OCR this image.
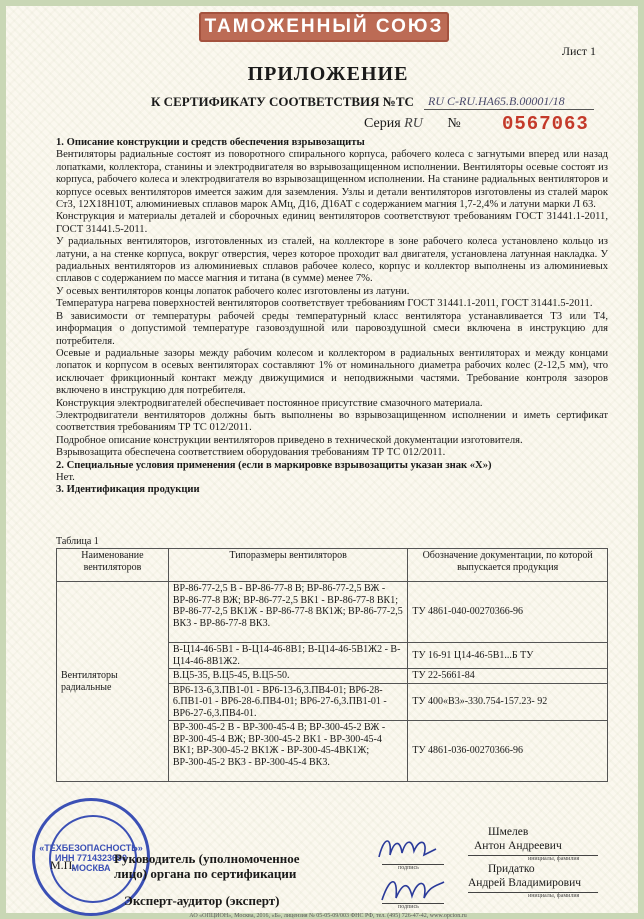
ТАМОЖЕННЫЙ СОЮЗ
Лист 1
ПРИЛОЖЕНИЕ
К СЕРТИФИКАТУ СООТВЕТСТВИЯ №ТС RU C-RU.HA65.B.00001/18
Серия RU № 0567063

1. Описание конструкции и средств обеспечения взрывозащиты

Вентиляторы радиальные состоят из поворотного спирального корпуса, рабочего колеса с загнутыми вперед или назад лопатками, коллектора, станины и электродвигателя во взрывозащищенном исполнении. Вентиляторы осевые состоят из корпуса, рабочего колеса и электродвигателя во взрывозащищенном исполнении. На станине радиальных вентиляторов и корпусе осевых вентиляторов имеется зажим для заземления. Узлы и детали вентиляторов изготовлены из сталей марок Ст3, 12Х18Н10Т, алюминиевых сплавов марок АМц, Д16, Д16АТ с содержанием магния 1,7-2,4% и латуни марки Л 63.

Конструкция и материалы деталей и сборочных единиц вентиляторов соответствуют требованиям ГОСТ 31441.1-2011, ГОСТ 31441.5-2011.

У радиальных вентиляторов, изготовленных из сталей, на коллекторе в зоне рабочего колеса установлено кольцо из латуни, а на стенке корпуса, вокруг отверстия, через которое проходит вал двигателя, установлена латунная накладка. У радиальных вентиляторов из алюминиевых сплавов рабочее колесо, корпус и коллектор выполнены из алюминиевых сплавов с содержанием по массе магния и титана (в сумме) менее 7%.

У осевых вентиляторов концы лопаток рабочего колес изготовлены из латуни.

Температура нагрева поверхностей вентиляторов соответствует требованиям ГОСТ 31441.1-2011, ГОСТ 31441.5-2011.

В зависимости от температуры рабочей среды температурный класс вентилятора устанавливается Т3 или Т4, информация о допустимой температуре газовоздушной или паровоздушной смеси включена в инструкцию для потребителя.

Осевые и радиальные зазоры между рабочим колесом и коллектором в радиальных вентиляторах и между концами лопаток и корпусом в осевых вентиляторах составляют 1% от номинального диаметра рабочих колес (2-12,5 мм), что исключает фрикционный контакт между движущимися и неподвижными частями. Требование контроля зазоров включено в инструкцию для потребителя.

Конструкция электродвигателей обеспечивает постоянное присутствие смазочного материала.

Электродвигатели вентиляторов должны быть выполнены во взрывозащищенном исполнении и иметь сертификат соответствия требованиям ТР ТС 012/2011.

Подробное описание конструкции вентиляторов приведено в технической документации изготовителя.

Взрывозащита обеспечена соответствием оборудования требованиям ТР ТС 012/2011.

2. Специальные условия применения (если в маркировке взрывозащиты указан знак «Х»)

Нет.

3. Идентификация продукции

Таблица 1
Наименование вентиляторов	Типоразмеры вентиляторов	Обозначение документации, по которой выпускается продукция
Вентиляторы радиальные	ВР-86-77-2,5 В - ВР-86-77-8 В; ВР-86-77-2,5 ВЖ - ВР-86-77-8 ВЖ; ВР-86-77-2,5 ВК1 - ВР-86-77-8 ВК1; ВР-86-77-2,5 ВК1Ж - ВР-86-77-8 ВК1Ж; ВР-86-77-2,5 ВК3 - ВР-86-77-8 ВК3.	ТУ 4861-040-00270366-96
	В-Ц14-46-5В1 - В-Ц14-46-8В1; В-Ц14-46-5В1Ж2 - В-Ц14-46-8В1Ж2.	ТУ 16-91 Ц14-46-5В1...Б ТУ
	В.Ц5-35, В.Ц5-45, В.Ц5-50.	ТУ 22-5661-84
	ВР6-13-6,3.ПВ1-01 - ВР6-13-6,3.ПВ4-01; ВР6-28-6.ПВ1-01 - ВР6-28-6.ПВ4-01; ВР6-27-6,3.ПВ1-01 - ВР6-27-6,3.ПВ4-01.	ТУ 400«В3»-330.754-157.23- 92
	ВР-300-45-2 В - ВР-300-45-4 В; ВР-300-45-2 ВЖ - ВР-300-45-4 ВЖ; ВР-300-45-2 ВК1 - ВР-300-45-4 ВК1; ВР-300-45-2 ВК1Ж - ВР-300-45-4ВК1Ж; ВР-300-45-2 ВК3 - ВР-300-45-4 ВК3.	ТУ 4861-036-00270366-96
«ТЕХБЕЗОПАСНОСТЬ»
ИНН 7714323690
МОСКВА
М.П.	Руководитель (уполномоченное
лицо) органа по сертификации
Эксперт-аудитор (эксперт)
подпись
подпись
Шмелев
Антон Андреевич
инициалы, фамилия
Придатко
Андрей Владимирович
инициалы, фамилия
АО «ОПЦИОН», Москва, 2016, «Б», лицензия № 05-05-09/003 ФНС РФ, тел. (495) 726-47-42, www.opcion.ru
